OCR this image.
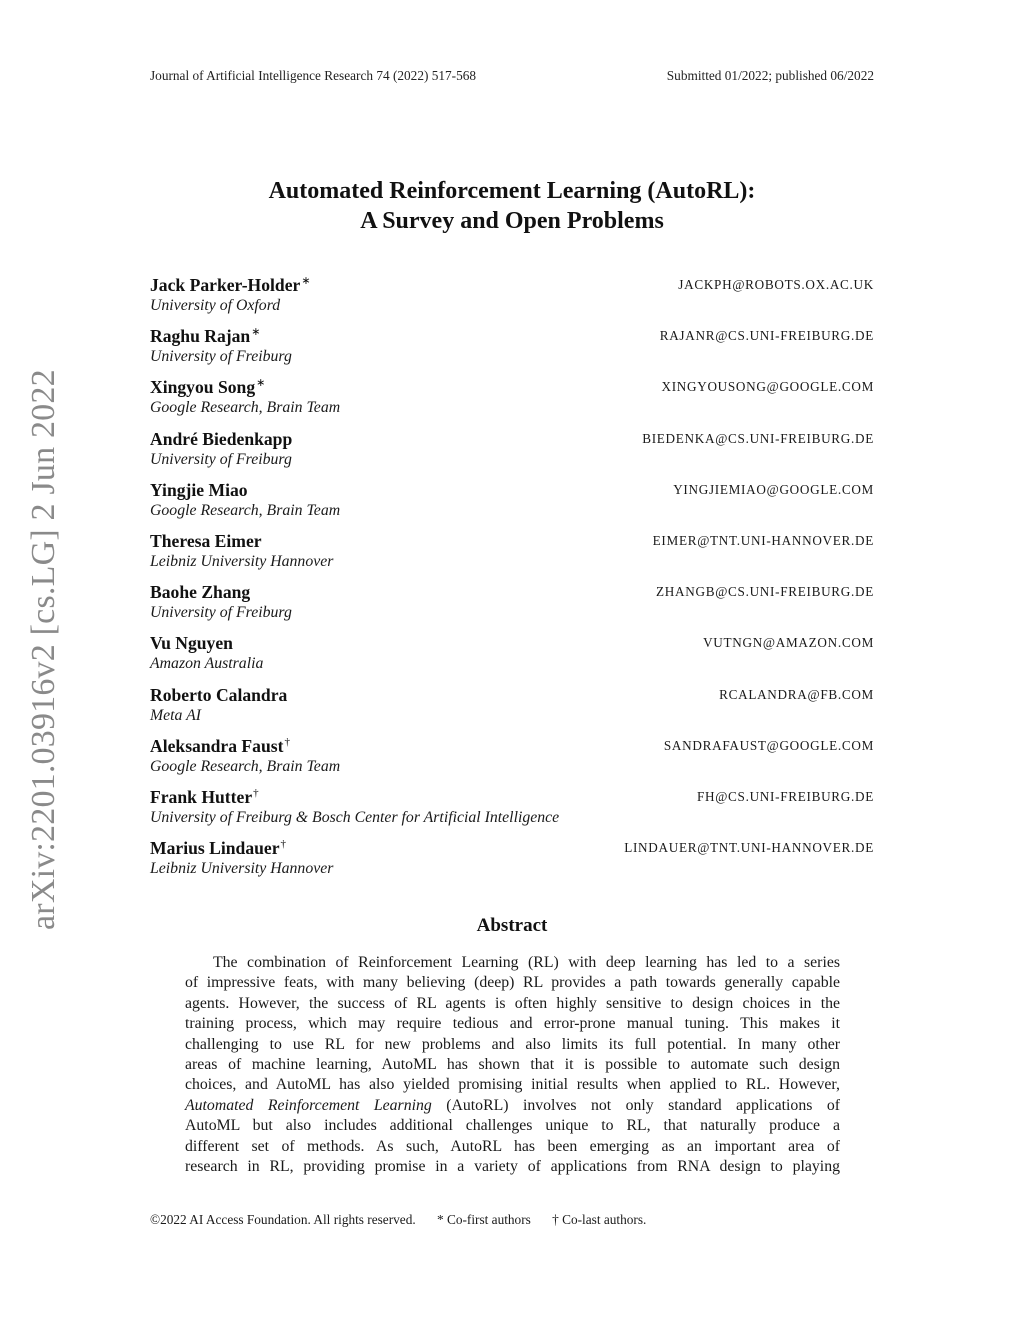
Journal of Artificial Intelligence Research 74 (2022) 517-568	Submitted 01/2022; published 06/2022
arXiv:2201.03916v2 [cs.LG] 2 Jun 2022
Automated Reinforcement Learning (AutoRL):
A Survey and Open Problems
Jack Parker-Holder∗
University of Oxford
JACKPH@ROBOTS.OX.AC.UK
Raghu Rajan∗
University of Freiburg
RAJANR@CS.UNI-FREIBURG.DE
Xingyou Song∗
Google Research, Brain Team
XINGYOUSONG@GOOGLE.COM
André Biedenkapp
University of Freiburg
BIEDENKA@CS.UNI-FREIBURG.DE
Yingjie Miao
Google Research, Brain Team
YINGJIEMIAO@GOOGLE.COM
Theresa Eimer
Leibniz University Hannover
EIMER@TNT.UNI-HANNOVER.DE
Baohe Zhang
University of Freiburg
ZHANGB@CS.UNI-FREIBURG.DE
Vu Nguyen
Amazon Australia
VUTNGN@AMAZON.COM
Roberto Calandra
Meta AI
RCALANDRA@FB.COM
Aleksandra Faust†
Google Research, Brain Team
SANDRAFAUST@GOOGLE.COM
Frank Hutter†
University of Freiburg & Bosch Center for Artificial Intelligence
FH@CS.UNI-FREIBURG.DE
Marius Lindauer†
Leibniz University Hannover
LINDAUER@TNT.UNI-HANNOVER.DE
Abstract
The combination of Reinforcement Learning (RL) with deep learning has led to a series
of impressive feats, with many believing (deep) RL provides a path towards generally capable
agents. However, the success of RL agents is often highly sensitive to design choices in the
training process, which may require tedious and error-prone manual tuning. This makes it
challenging to use RL for new problems and also limits its full potential. In many other
areas of machine learning, AutoML has shown that it is possible to automate such design
choices, and AutoML has also yielded promising initial results when applied to RL. However,
Automated Reinforcement Learning (AutoRL) involves not only standard applications of
AutoML but also includes additional challenges unique to RL, that naturally produce a
different set of methods. As such, AutoRL has been emerging as an important area of
research in RL, providing promise in a variety of applications from RNA design to playing
©2022 AI Access Foundation. All rights reserved. * Co-first authors † Co-last authors.
